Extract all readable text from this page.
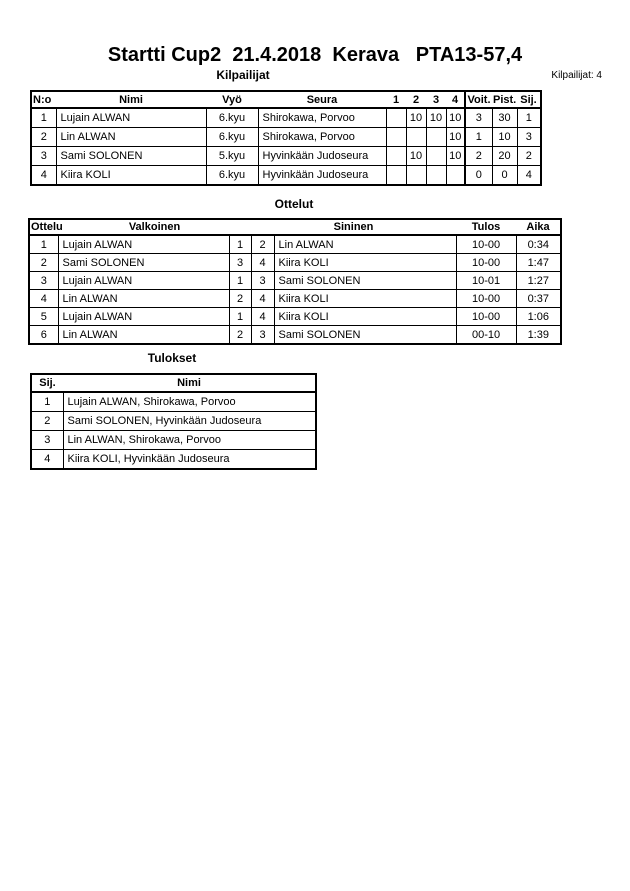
Startti Cup2  21.4.2018  Kerava   PTA13-57,4
Kilpailijat	Kilpailijat: 4
N:o	Nimi	Vyö	Seura	1	2	3	4	Voit.	Pist.	Sij.
1	Lujain ALWAN	6.kyu	Shirokawa, Porvoo		10	10	10	3	30	1
2	Lin ALWAN	6.kyu	Shirokawa, Porvoo				10	1	10	3
3	Sami SOLONEN	5.kyu	Hyvinkään Judoseura		10		10	2	20	2
4	Kiira KOLI	6.kyu	Hyvinkään Judoseura					0	0	4
Ottelut
Ottelu	Valkoinen		Sininen		Tulos	Aika
1	Lujain ALWAN	1	2	Lin ALWAN	10-00	0:34
2	Sami SOLONEN	3	4	Kiira KOLI	10-00	1:47
3	Lujain ALWAN	1	3	Sami SOLONEN	10-01	1:27
4	Lin ALWAN	2	4	Kiira KOLI	10-00	0:37
5	Lujain ALWAN	1	4	Kiira KOLI	10-00	1:06
6	Lin ALWAN	2	3	Sami SOLONEN	00-10	1:39
Tulokset
Sij.	Nimi
1	Lujain ALWAN, Shirokawa, Porvoo
2	Sami SOLONEN, Hyvinkään Judoseura
3	Lin ALWAN, Shirokawa, Porvoo
4	Kiira KOLI, Hyvinkään Judoseura
